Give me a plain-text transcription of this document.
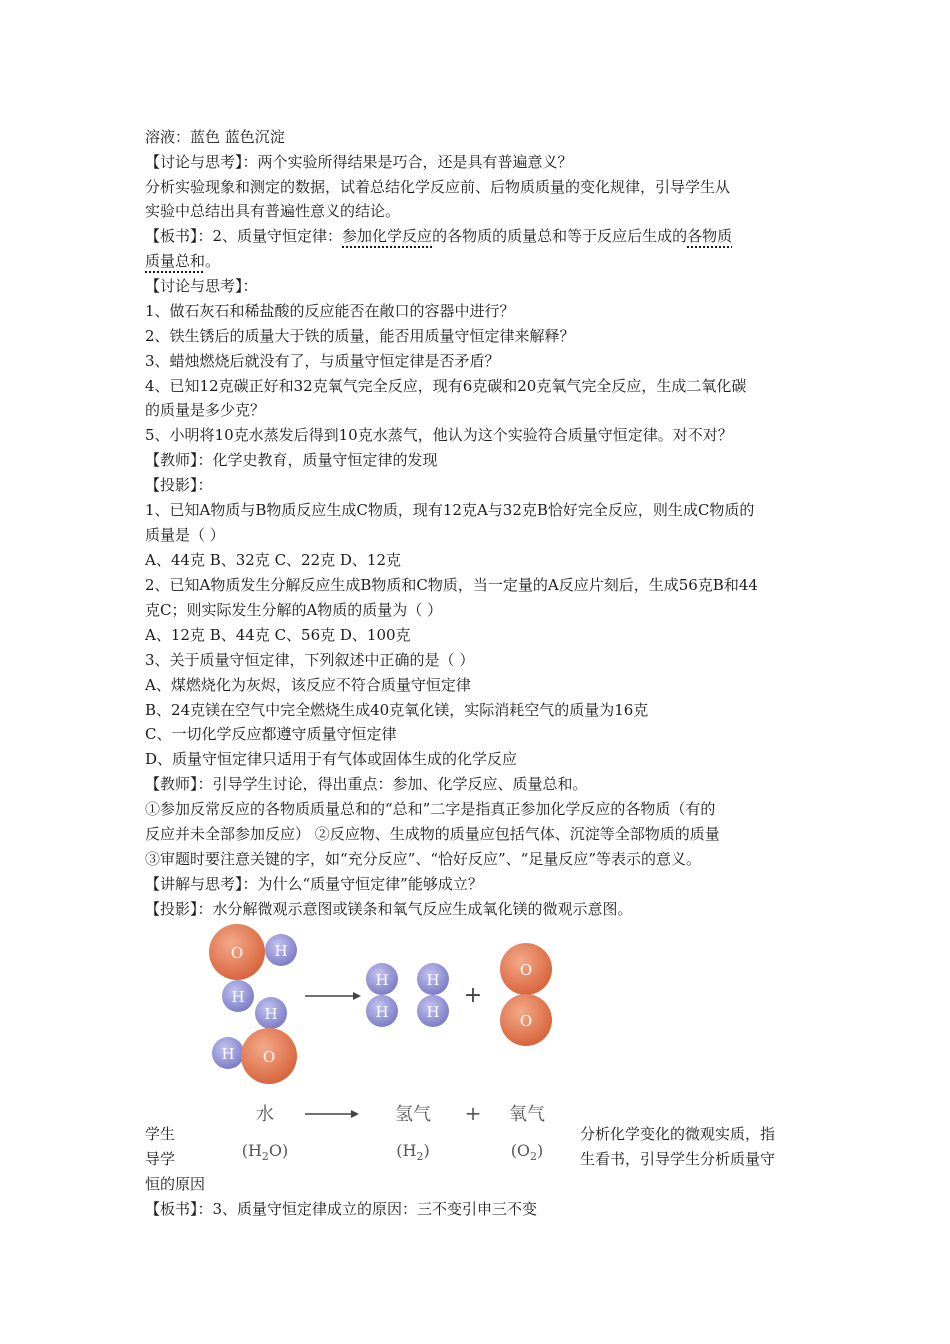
溶液：蓝色 蓝色沉淀
【讨论与思考】：两个实验所得结果是巧合，还是具有普遍意义？
分析实验现象和测定的数据，试着总结化学反应前、后物质质量的变化规律，引导学生从
实验中总结出具有普遍性意义的结论。
【板书】：2、质量守恒定律：参加化学反应的各物质的质量总和等于反应后生成的各物质
质量总和。
【讨论与思考】：
1、做石灰石和稀盐酸的反应能否在敞口的容器中进行？
2、铁生锈后的质量大于铁的质量，能否用质量守恒定律来解释？
3、蜡烛燃烧后就没有了，与质量守恒定律是否矛盾？
4、已知12克碳正好和32克氧气完全反应，现有6克碳和20克氧气完全反应，生成二氧化碳
的质量是多少克？
5、小明将10克水蒸发后得到10克水蒸气，他认为这个实验符合质量守恒定律。对不对？
【教师】：化学史教育，质量守恒定律的发现
【投影】：
1、已知A物质与B物质反应生成C物质，现有12克A与32克B恰好完全反应，则生成C物质的
质量是（ ）
A、44克 B、32克 C、22克 D、12克
2、已知A物质发生分解反应生成B物质和C物质，当一定量的A反应片刻后，生成56克B和44
克C；则实际发生分解的A物质的质量为（ ）
A、12克 B、44克 C、56克 D、100克
3、关于质量守恒定律，下列叙述中正确的是（ ）
A、煤燃烧化为灰烬，该反应不符合质量守恒定律
B、24克镁在空气中完全燃烧生成40克氧化镁，实际消耗空气的质量为16克
C、一切化学反应都遵守质量守恒定律
D、质量守恒定律只适用于有气体或固体生成的化学反应
【教师】：引导学生讨论，得出重点：参加、化学反应、质量总和。
①参加反常反应的各物质质量总和的“总和”二字是指真正参加化学反应的各物质（有的
反应并未全部参加反应） ②反应物、生成物的质量应包括气体、沉淀等全部物质的质量
③审题时要注意关键的字，如“充分反应”、“恰好反应”、“足量反应”等表示的意义。
【讲解与思考】：为什么“质量守恒定律”能够成立？
【投影】：水分解微观示意图或镁条和氧气反应生成氧化镁的微观示意图。
O H
H
H
H O
H
H
H
H
+
O
O
水
$(H_2O)$
氢气
$(H_2)$
+ 氧气
$(O_2)$
学生
导学
恒的原因
分析化学变化的微观实质，指
生看书，引导学生分析质量守
【板书】：3、质量守恒定律成立的原因：三不变引申三不变
